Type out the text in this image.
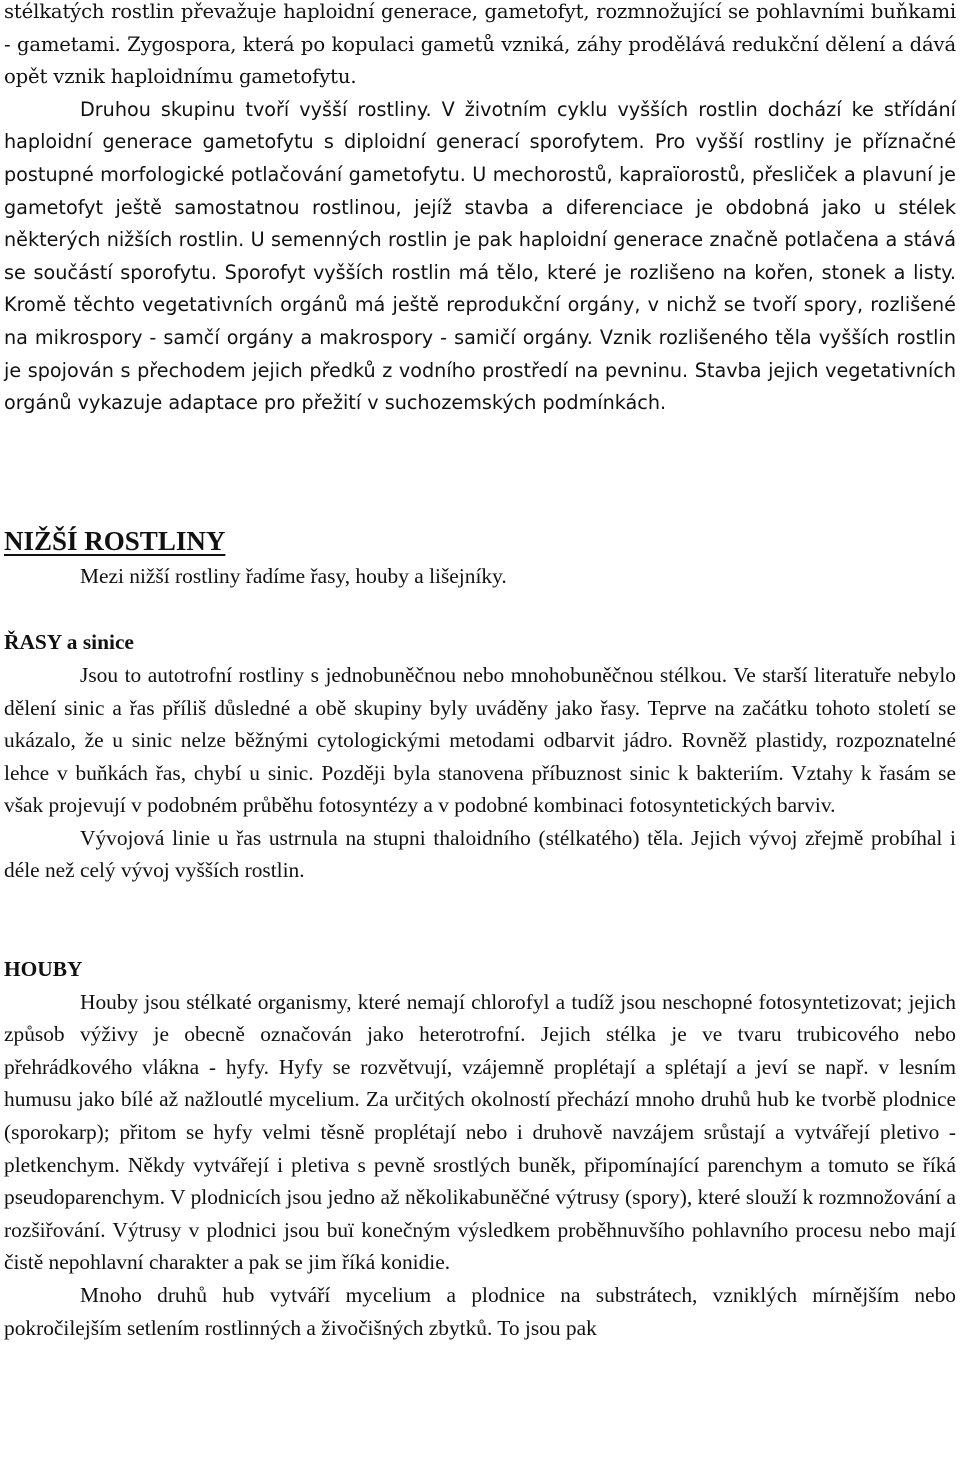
stélkatých rostlin převažuje haploidní generace, gametofyt, rozmnožující se pohlavními buňkami - gametami. Zygospora, která po kopulaci gametů vzniká, záhy prodělává redukční dělení a dává opět vznik haploidnímu gametofytu.

Druhou skupinu tvoří vyšší rostliny. V životním cyklu vyšších rostlin dochází ke střídání haploidní generace gametofytu s diploidní generací sporofytem. Pro vyšší rostliny je příznačné postupné morfologické potlačování gametofytu. U mechorostů, kapraïorostů, přesliček a plavuní je gametofyt ještě samostatnou rostlinou, jejíž stavba a diferenciace je obdobná jako u stélek některých nižších rostlin. U semenných rostlin je pak haploidní generace značně potlačena a stává se součástí sporofytu. Sporofyt vyšších rostlin má tělo, které je rozlišeno na kořen, stonek a listy. Kromě těchto vegetativních orgánů má ještě reprodukční orgány, v nichž se tvoří spory, rozlišené na mikrospory - samčí orgány a makrospory - samičí orgány. Vznik rozlišeného těla vyšších rostlin je spojován s přechodem jejich předků z vodního prostředí na pevninu. Stavba jejich vegetativních orgánů vykazuje adaptace pro přežití v suchozemských podmínkách.

NIŽŠÍ ROSTLINY

Mezi nižší rostliny řadíme řasy, houby a lišejníky.

ŘASY a sinice

Jsou to autotrofní rostliny s jednobuněčnou nebo mnohobuněčnou stélkou. Ve starší literatuře nebylo dělení sinic a řas příliš důsledné a obě skupiny byly uváděny jako řasy. Teprve na začátku tohoto století se ukázalo, že u sinic nelze běžnými cytologickými metodami odbarvit jádro. Rovněž plastidy, rozpoznatelné lehce v buňkách řas, chybí u sinic. Později byla stanovena příbuznost sinic k bakteriím. Vztahy k řasám se však projevují v podobném průběhu fotosyntézy a v podobné kombinaci fotosyntetických barviv.

Vývojová linie u řas ustrnula na stupni thaloidního (stélkatého) těla. Jejich vývoj zřejmě probíhal i déle než celý vývoj vyšších rostlin.

HOUBY

Houby jsou stélkaté organismy, které nemají chlorofyl a tudíž jsou neschopné fotosyntetizovat; jejich způsob výživy je obecně označován jako heterotrofní. Jejich stélka je ve tvaru trubicového nebo přehrádkového vlákna - hyfy. Hyfy se rozvětvují, vzájemně proplétají a splétají a jeví se např. v lesním humusu jako bílé až nažloutlé mycelium. Za určitých okolností přechází mnoho druhů hub ke tvorbě plodnice (sporokarp); přitom se hyfy velmi těsně proplétají nebo i druhově navzájem srůstají a vytvářejí pletivo - pletkenchym. Někdy vytvářejí i pletiva s pevně srostlých buněk, připomínající parenchym a tomuto se říká pseudoparenchym. V plodnicích jsou jedno až několikabuněčné výtrusy (spory), které slouží k rozmnožování a rozšiřování. Výtrusy v plodnici jsou buï konečným výsledkem proběhnuvšího pohlavního procesu nebo mají čistě nepohlavní charakter a pak se jim říká konidie.

Mnoho druhů hub vytváří mycelium a plodnice na substrátech, vzniklých mírnějším nebo pokročilejším setlením rostlinných a živočišných zbytků. To jsou pak
